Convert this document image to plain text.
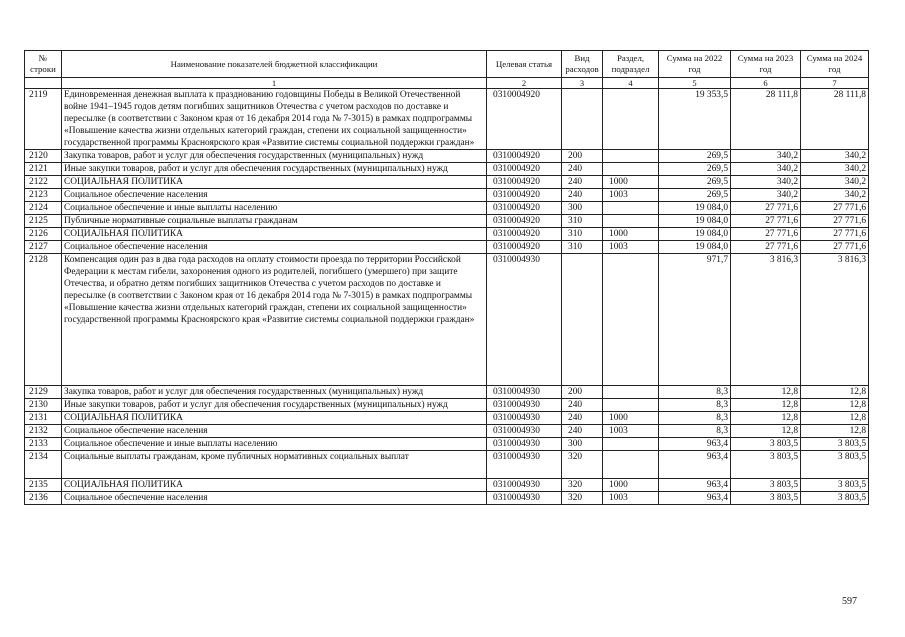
№ строки	Наименование показателей бюджетной классификации	Целевая статья	Вид расходов	Раздел, подраздел	Сумма на 2022 год	Сумма на 2023 год	Сумма на 2024 год
	1	2	3	4	5	6	7
2119	Единовременная денежная выплата к празднованию годовщины Победы в Великой Отечественной войне 1941–1945 годов детям погибших защитников Отечества с учетом расходов по доставке и пересылке (в соответствии с Законом края от 16 декабря 2014 года № 7-3015) в рамках подпрограммы «Повышение качества жизни отдельных категорий граждан, степени их социальной защищенности» государственной программы Красноярского края «Развитие системы социальной поддержки граждан»	0310004920			19 353,5	28 111,8	28 111,8
2120	Закупка товаров, работ и услуг для обеспечения государственных (муниципальных) нужд	0310004920	200		269,5	340,2	340,2
2121	Иные закупки товаров, работ и услуг для обеспечения государственных (муниципальных) нужд	0310004920	240		269,5	340,2	340,2
2122	СОЦИАЛЬНАЯ ПОЛИТИКА	0310004920	240	1000	269,5	340,2	340,2
2123	Социальное обеспечение населения	0310004920	240	1003	269,5	340,2	340,2
2124	Социальное обеспечение и иные выплаты населению	0310004920	300		19 084,0	27 771,6	27 771,6
2125	Публичные нормативные социальные выплаты гражданам	0310004920	310		19 084,0	27 771,6	27 771,6
2126	СОЦИАЛЬНАЯ ПОЛИТИКА	0310004920	310	1000	19 084,0	27 771,6	27 771,6
2127	Социальное обеспечение населения	0310004920	310	1003	19 084,0	27 771,6	27 771,6
2128	Компенсация один раз в два года расходов на оплату стоимости проезда по территории Российской Федерации к местам гибели, захоронения одного из родителей, погибшего (умершего) при защите Отечества, и обратно детям погибших защитников Отечества с учетом расходов по доставке и пересылке (в соответствии с Законом края от 16 декабря 2014 года № 7-3015) в рамках подпрограммы «Повышение качества жизни отдельных категорий граждан, степени их социальной защищенности» государственной программы Красноярского края «Развитие системы социальной поддержки граждан»	0310004930			971,7	3 816,3	3 816,3
2129	Закупка товаров, работ и услуг для обеспечения государственных (муниципальных) нужд	0310004930	200		8,3	12,8	12,8
2130	Иные закупки товаров, работ и услуг для обеспечения государственных (муниципальных) нужд	0310004930	240		8,3	12,8	12,8
2131	СОЦИАЛЬНАЯ ПОЛИТИКА	0310004930	240	1000	8,3	12,8	12,8
2132	Социальное обеспечение населения	0310004930	240	1003	8,3	12,8	12,8
2133	Социальное обеспечение и иные выплаты населению	0310004930	300		963,4	3 803,5	3 803,5
2134	Социальные выплаты гражданам, кроме публичных нормативных социальных выплат	0310004930	320		963,4	3 803,5	3 803,5
2135	СОЦИАЛЬНАЯ ПОЛИТИКА	0310004930	320	1000	963,4	3 803,5	3 803,5
2136	Социальное обеспечение населения	0310004930	320	1003	963,4	3 803,5	3 803,5
597
